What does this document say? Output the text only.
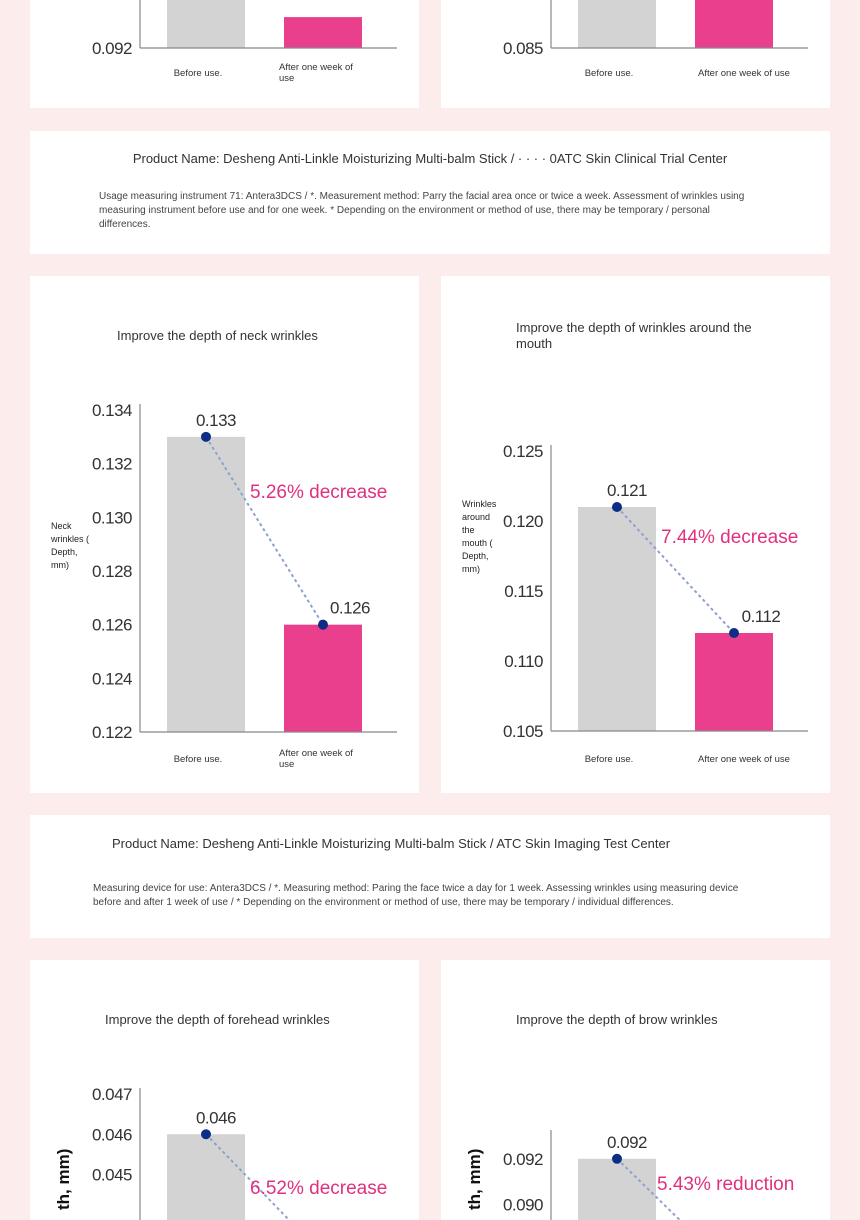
0.092
Before use.
After one week of use
0.085
Before use.	After one week of use
Product Name: Desheng Anti-Linkle Moisturizing Multi-balm Stick / · · · · 0ATC Skin Clinical Trial Center
Usage measuring instrument 71: Antera3DCS / *. Measurement method: Parry the facial area once or twice a week. Assessment of wrinkles using measuring instrument before use and for one week. * Depending on the environment or method of use, there may be temporary / personal differences.
Improve the depth of neck wrinkles
Neck wrinkles ( Depth, mm)
0.122
0.124
0.126
0.128
0.130
0.132
0.134
Before use.
After one week of use
0.133
0.126
5.26% decrease
Improve the depth of wrinkles around the mouth
Wrinkles around the mouth ( Depth, mm)
0.105
0.110
0.115
0.120
0.125
Before use.	After one week of use
0.121
0.112
7.44% decrease
Product Name: Desheng Anti-Linkle Moisturizing Multi-balm Stick / ATC Skin Imaging Test Center
Measuring device for use: Antera3DCS / *. Measuring method: Paring the face twice a day for 1 week. Assessing wrinkles using measuring device before and after 1 week of use / * Depending on the environment or method of use, there may be temporary / individual differences.
Improve the depth of forehead wrinkles
th, mm) 0.045
0.046
0.047
0.046
6.52% decrease
Improve the depth of brow wrinkles
th, mm) 0.090
0.092
0.092
5.43% reduction
